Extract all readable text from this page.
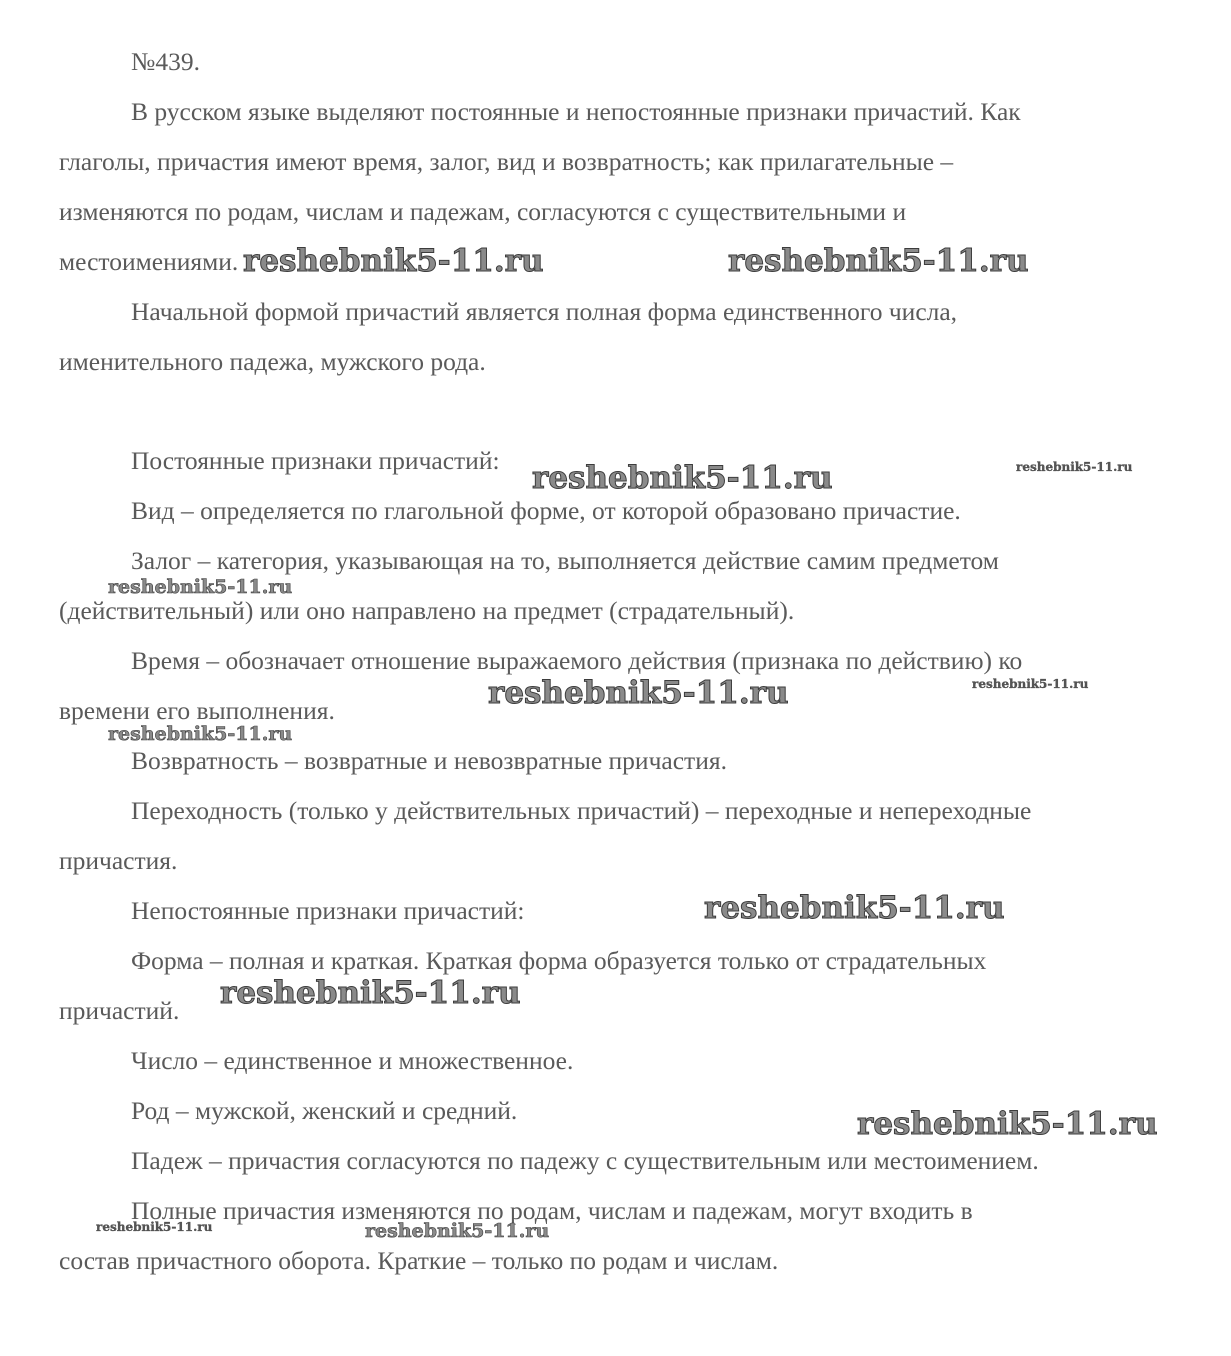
№439.
В русском языке выделяют постоянные и непостоянные признаки причастий. Как
глаголы, причастия имеют время, залог, вид и возвратность; как прилагательные –
изменяются по родам, числам и падежам, согласуются с существительными и
местоимениями.
Начальной формой причастий является полная форма единственного числа,
именительного падежа, мужского рода.
Постоянные признаки причастий:
Вид – определяется по глагольной форме, от которой образовано причастие.
Залог – категория, указывающая на то, выполняется действие самим предметом
(действительный) или оно направлено на предмет (страдательный).
Время – обозначает отношение выражаемого действия (признака по действию) ко
времени его выполнения.
Возвратность – возвратные и невозвратные причастия.
Переходность (только у действительных причастий) – переходные и непереходные
причастия.
Непостоянные признаки причастий:
Форма – полная и краткая. Краткая форма образуется только от страдательных
причастий.
Число – единственное и множественное.
Род – мужской, женский и средний.
Падеж – причастия согласуются по падежу с существительным или местоимением.
Полные причастия изменяются по родам, числам и падежам, могут входить в
состав причастного оборота. Краткие – только по родам и числам.
reshebnik5-11.ru	reshebnik5-11.ru
reshebnik5-11.ru	reshebnik5-11.ru
reshebnik5-11.ru
reshebnik5-11.ru	reshebnik5-11.ru
reshebnik5-11.ru
reshebnik5-11.ru
reshebnik5-11.ru
reshebnik5-11.ru
reshebnik5-11.ru	reshebnik5-11.ru
